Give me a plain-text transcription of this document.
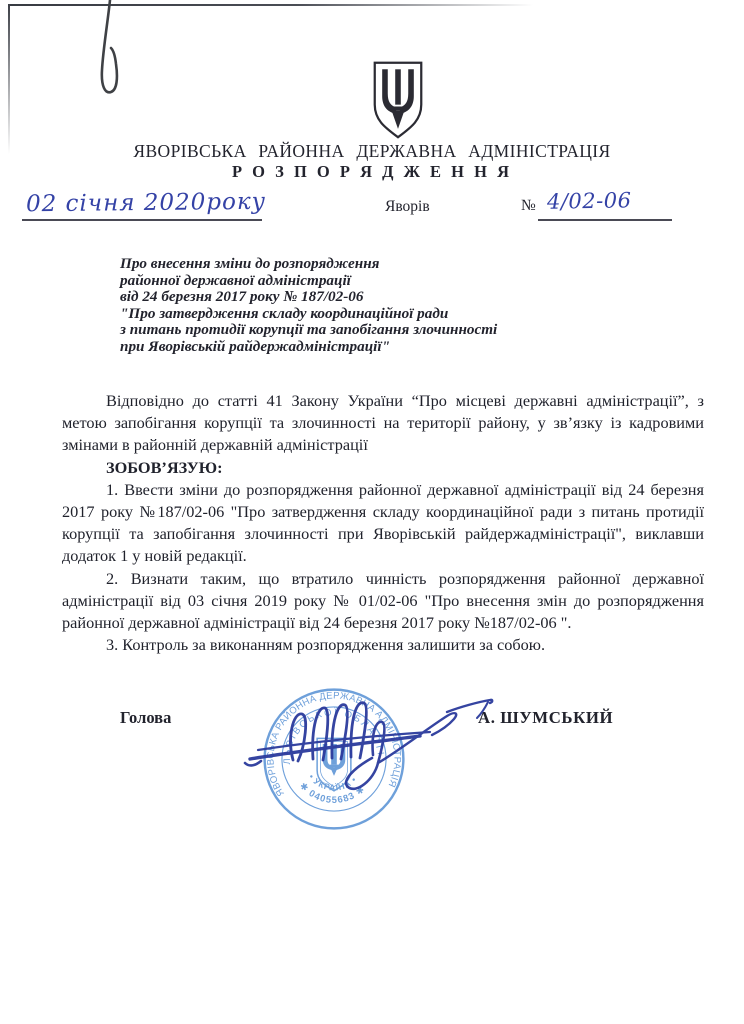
ЯВОРІВСЬКА РАЙОННА ДЕРЖАВНА АДМІНІСТРАЦІЯ
Р О З П О Р Я Д Ж Е Н Н Я
02 січня 2020року	Яворів	№ 4/02-06
Про внесення зміни до розпорядження
районної державної адміністрації
від 24 березня 2017 року № 187/02-06
"Про затвердження складу координаційної ради
з питань протидії корупції та запобігання злочинності
при Яворівській райдержадміністрації"

Відповідно до статті 41 Закону України “Про місцеві державні адміністрації”, з метою запобігання корупції та злочинності на території району, у зв’язку із кадровими змінами в районній державній адміністрації

ЗОБОВ’ЯЗУЮ:

1. Ввести зміни до розпорядження районної державної адміністрації від 24 березня 2017 року №187/02-06 "Про затвердження складу координаційної ради з питань протидії корупції та запобігання злочинності при Яворівській райдержадміністрації", виклавши додаток 1 у новій редакції.

2. Визнати таким, що втратило чинність розпорядження районної державної адміністрації від 03 січня 2019 року № 01/02-06 "Про внесення змін до розпорядження районної державної адміністрації від 24 березня 2017 року №187/02-06 ".

3. Контроль за виконанням розпорядження залишити за собою.

Голова	А. ШУМСЬКИЙ
ЯВОРІВСЬКА РАЙОННА ДЕРЖАВНА АДМІНІСТРАЦІЯ
ЛЬВІВСЬКОЇ ОБЛАСТІ
✱ 04055683 ✱
• УКРАЇНА •
